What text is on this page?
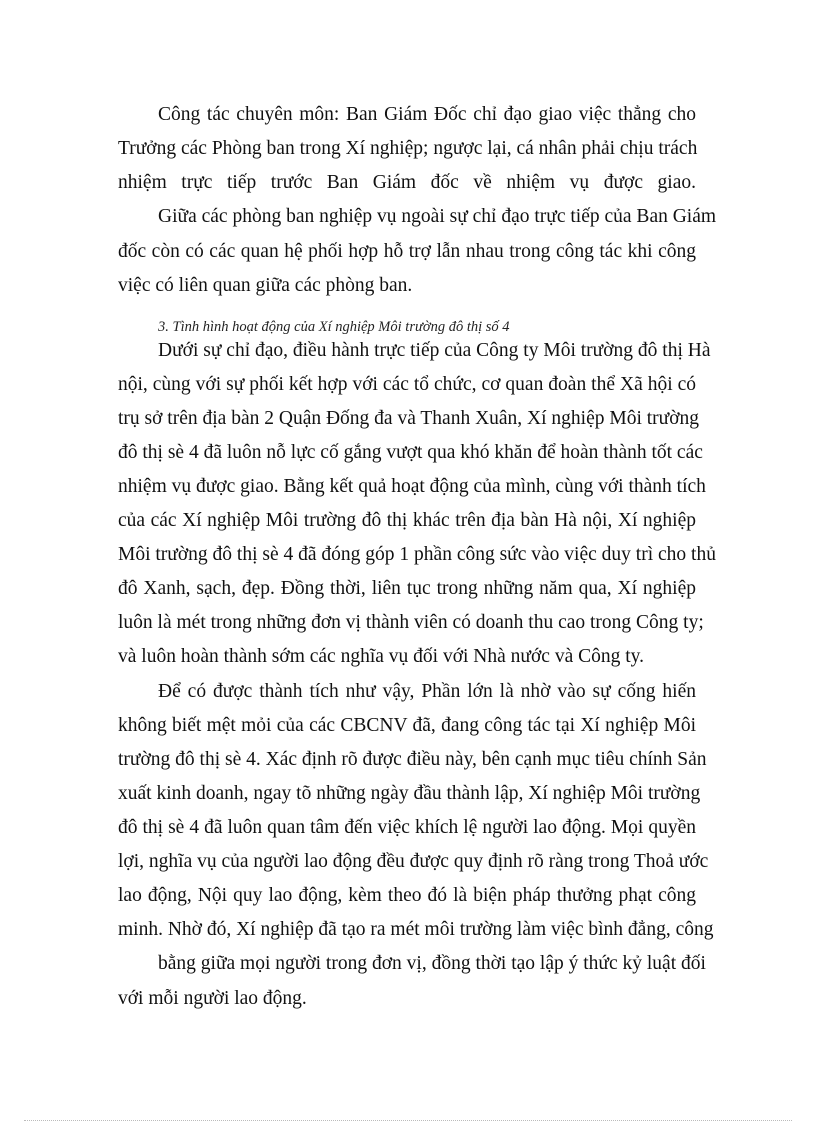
Công tác chuyên môn: Ban Giám Đốc chỉ đạo giao việc thẳng cho
Trưởng các Phòng ban trong Xí nghiệp; ngược lại, cá nhân phải chịu trách
nhiệm trực tiếp trước Ban Giám đốc về nhiệm vụ được giao.
Giữa các phòng ban nghiệp vụ ngoài sự chỉ đạo trực tiếp của Ban Giám
đốc còn có các quan hệ phối hợp hỗ trợ lẫn nhau trong công tác khi công
việc có liên quan giữa các phòng ban.
3. Tình hình hoạt động của Xí nghiệp Môi trường đô thị số 4
Dưới sự chỉ đạo, điều hành trực tiếp của Công ty Môi trường đô thị Hà
nội, cùng với sự phối kết hợp với các tổ chức, cơ quan đoàn thể Xã hội có
trụ sở trên địa bàn 2 Quận Đống đa và Thanh Xuân, Xí nghiệp Môi trường
đô thị sè 4 đã luôn nỗ lực cố gắng vượt qua khó khăn để hoàn thành tốt các
nhiệm vụ được giao. Bằng kết quả hoạt động của mình, cùng với thành tích
của các Xí nghiệp Môi trường đô thị khác trên địa bàn Hà nội, Xí nghiệp
Môi trường đô thị sè 4 đã đóng góp 1 phần công sức vào việc duy trì cho thủ
đô Xanh, sạch, đẹp. Đồng thời, liên tục trong những năm qua, Xí nghiệp
luôn là mét trong những đơn vị thành viên có doanh thu cao trong Công ty;
và luôn hoàn thành sớm các nghĩa vụ đối với Nhà nước và Công ty.
Để có được thành tích như vậy, Phần lớn là nhờ vào sự cống hiến
không biết mệt mỏi của các CBCNV đã, đang công tác tại Xí nghiệp Môi
trường đô thị sè 4. Xác định rõ được điều này, bên cạnh mục tiêu chính Sản
xuất kinh doanh, ngay tõ những ngày đầu thành lập, Xí nghiệp Môi trường
đô thị sè 4 đã luôn quan tâm đến việc khích lệ người lao động. Mọi quyền
lợi, nghĩa vụ của người lao động đều được quy định rõ ràng trong Thoả ước
lao động, Nội quy lao động, kèm theo đó là biện pháp thưởng phạt công
minh. Nhờ đó, Xí nghiệp đã tạo ra mét môi trường làm việc bình đẳng, công
bằng giữa mọi người trong đơn vị, đồng thời tạo lập ý thức kỷ luật đối
với mỗi người lao động.
